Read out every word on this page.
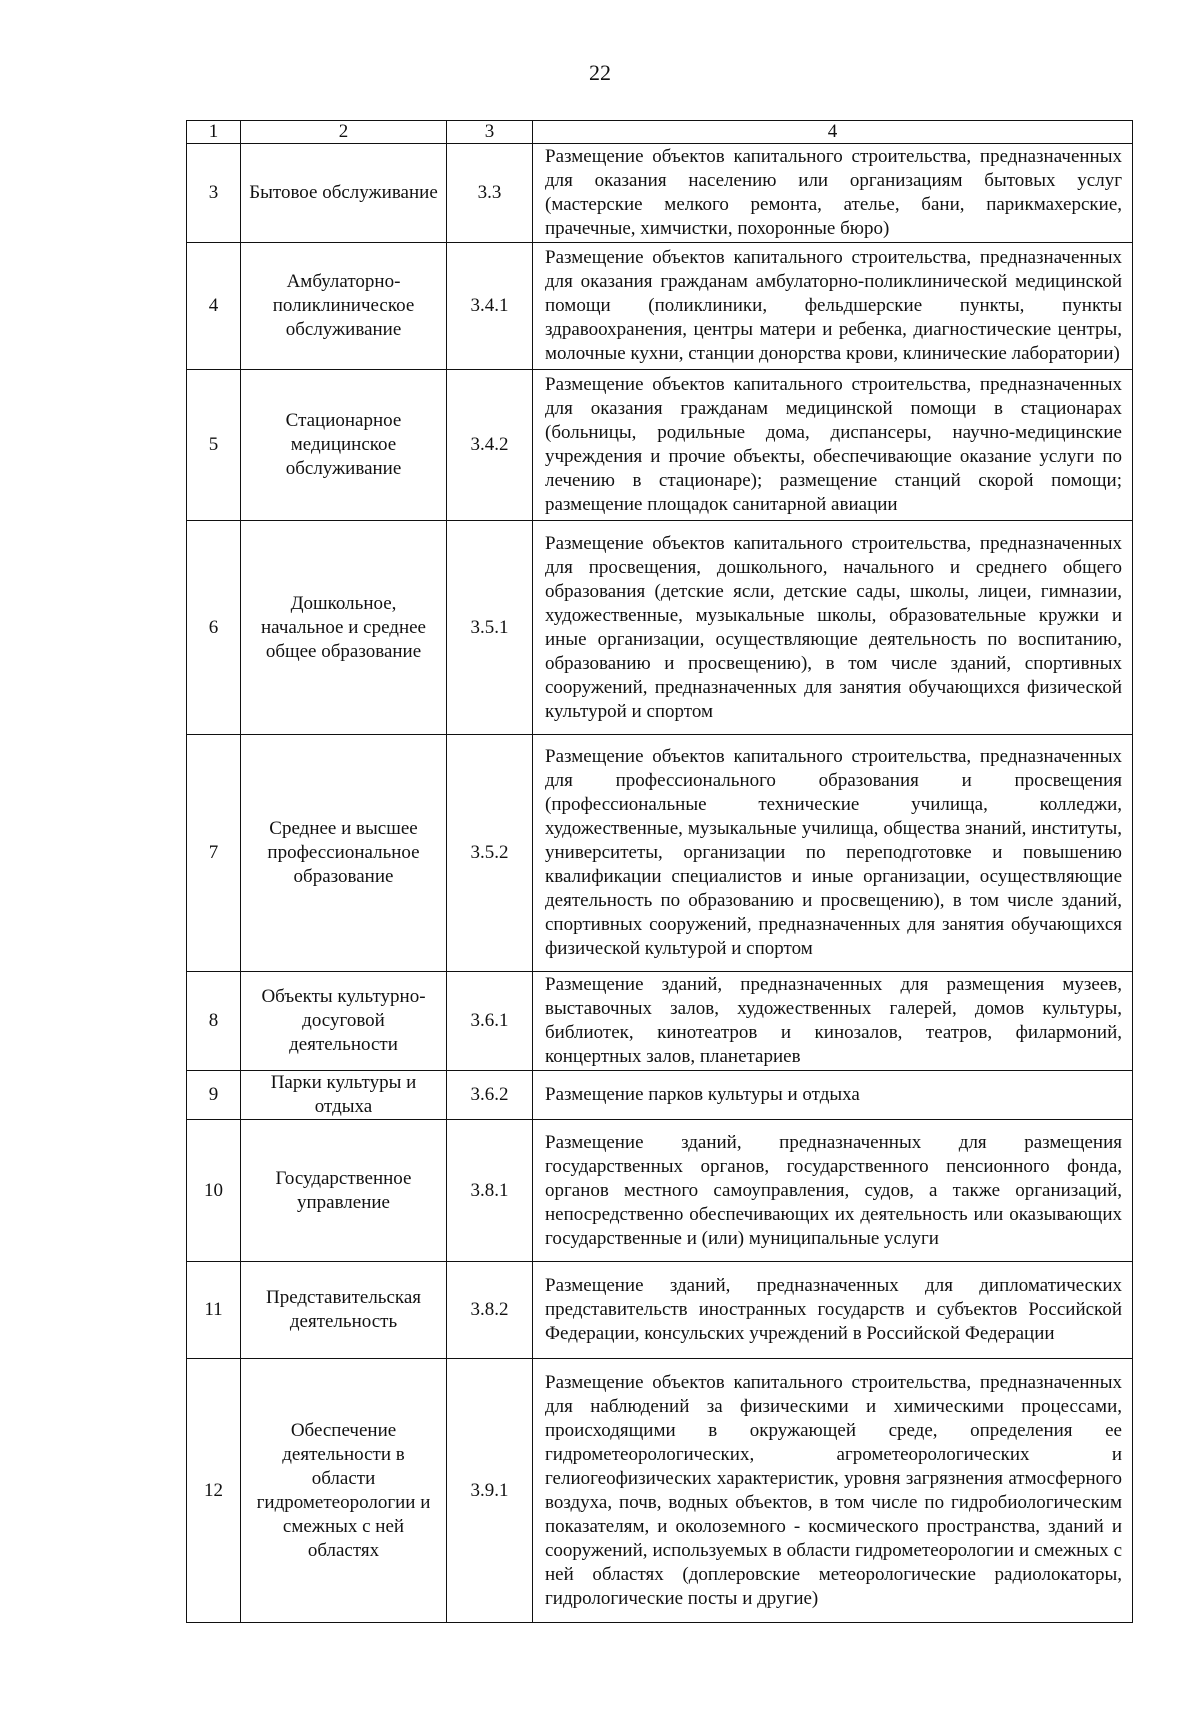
22
1	2	3	4
3	Бытовое обслуживание	3.3	Размещение объектов капитального строительства, предназначенных для оказания населению или организациям бытовых услуг (мастерские мелкого ремонта, ателье, бани, парикмахерские, прачечные, химчистки, похоронные бюро)
4	Амбулаторно-поликлиническое обслуживание	3.4.1	Размещение объектов капитального строительства, предназначенных для оказания гражданам амбулаторно-поликлинической медицинской помощи (поликлиники, фельдшерские пункты, пункты здравоохранения, центры матери и ребенка, диагностические центры, молочные кухни, станции донорства крови, клинические лаборатории)
5	Стационарное медицинское обслуживание	3.4.2	Размещение объектов капитального строительства, предназначенных для оказания гражданам медицинской помощи в стационарах (больницы, родильные дома, диспансеры, научно-медицинские учреждения и прочие объекты, обеспечивающие оказание услуги по лечению в стационаре); размещение станций скорой помощи; размещение площадок санитарной авиации
6	Дошкольное, начальное и среднее общее образование	3.5.1	Размещение объектов капитального строительства, предназначенных для просвещения, дошкольного, начального и среднего общего образования (детские ясли, детские сады, школы, лицеи, гимназии, художественные, музыкальные школы, образовательные кружки и иные организации, осуществляющие деятельность по воспитанию, образованию и просвещению), в том числе зданий, спортивных сооружений, предназначенных для занятия обучающихся физической культурой и спортом
7	Среднее и высшее профессиональное образование	3.5.2	Размещение объектов капитального строительства, предназначенных для профессионального образования и просвещения (профессиональные технические училища, колледжи, художественные, музыкальные училища, общества знаний, институты, университеты, организации по переподготовке и повышению квалификации специалистов и иные организации, осуществляющие деятельность по образованию и просвещению), в том числе зданий, спортивных сооружений, предназначенных для занятия обучающихся физической культурой и спортом
8	Объекты культурно-досуговой деятельности	3.6.1	Размещение зданий, предназначенных для размещения музеев, выставочных залов, художественных галерей, домов культуры, библиотек, кинотеатров и кинозалов, театров, филармоний, концертных залов, планетариев
9	Парки культуры и отдыха	3.6.2	Размещение парков культуры и отдыха
10	Государственное управление	3.8.1	Размещение зданий, предназначенных для размещения государственных органов, государственного пенсионного фонда, органов местного самоуправления, судов, а также организаций, непосредственно обеспечивающих их деятельность или оказывающих государственные и (или) муниципальные услуги
11	Представительская деятельность	3.8.2	Размещение зданий, предназначенных для дипломатических представительств иностранных государств и субъектов Российской Федерации, консульских учреждений в Российской Федерации
12	Обеспечение деятельности в области гидрометеорологии и смежных с ней областях	3.9.1	Размещение объектов капитального строительства, предназначенных для наблюдений за физическими и химическими процессами, происходящими в окружающей среде, определения ее гидрометеорологических, агрометеорологических и гелиогеофизических характеристик, уровня загрязнения атмосферного воздуха, почв, водных объектов, в том числе по гидробиологическим показателям, и околоземного - космического пространства, зданий и сооружений, используемых в области гидрометеорологии и смежных с ней областях (доплеровские метеорологические радиолокаторы, гидрологические посты и другие)
